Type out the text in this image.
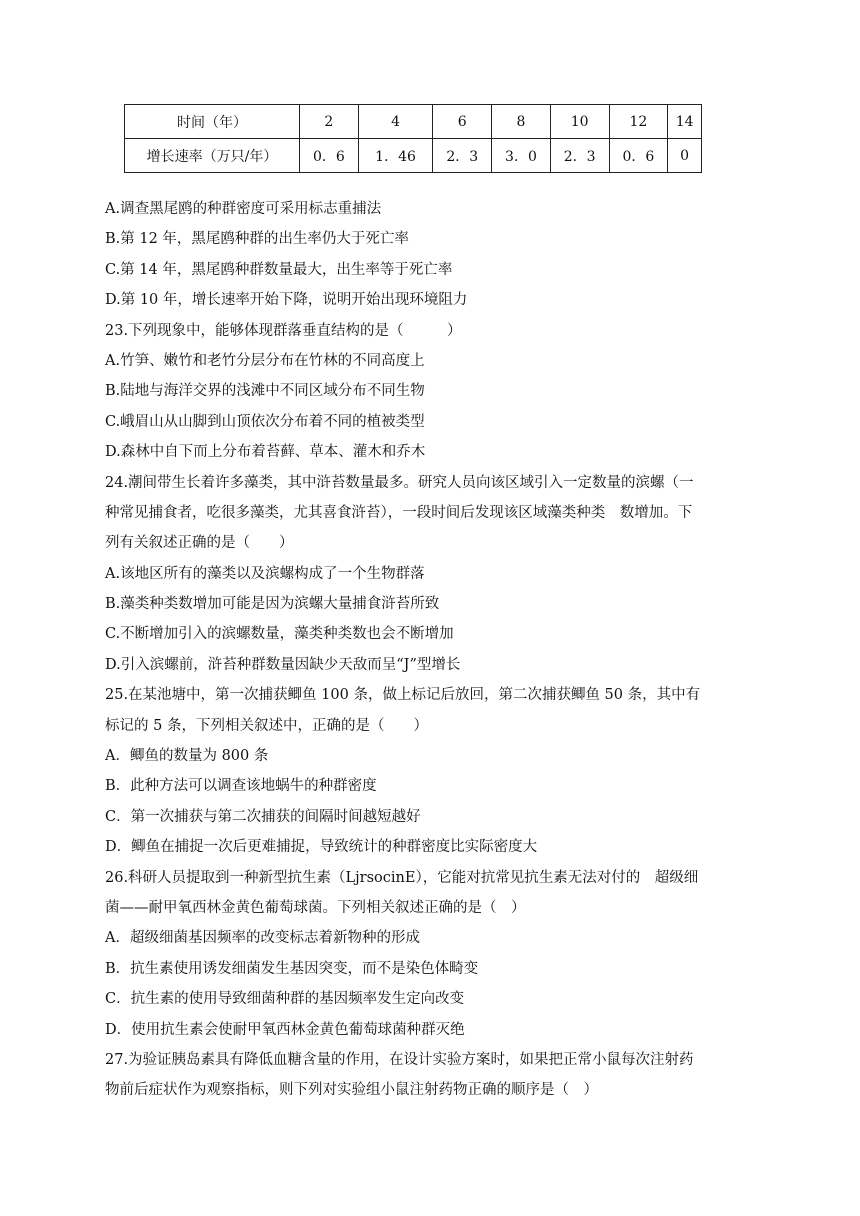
时间（年）	2	4	6	8	10	12	14
增长速率（万只/年）	0．6	1．46	2．3	3．0	2．3	0．6	0
A.调查黑尾鸥的种群密度可采用标志重捕法
B.第 12 年，黑尾鸥种群的出生率仍大于死亡率
C.第 14 年，黑尾鸥种群数量最大，出生率等于死亡率
D.第 10 年，增长速率开始下降，说明开始出现环境阻力
23.下列现象中，能够体现群落垂直结构的是（　　　）
A.竹笋、嫩竹和老竹分层分布在竹林的不同高度上
B.陆地与海洋交界的浅滩中不同区域分布不同生物
C.峨眉山从山脚到山顶依次分布着不同的植被类型
D.森林中自下而上分布着苔藓、草本、灌木和乔木
24.潮间带生长着许多藻类，其中浒苔数量最多。研究人员向该区域引入一定数量的滨螺（一
种常见捕食者，吃很多藻类，尤其喜食浒苔），一段时间后发现该区域藻类种类　数增加。下
列有关叙述正确的是（　　）
A.该地区所有的藻类以及滨螺构成了一个生物群落
B.藻类种类数增加可能是因为滨螺大量捕食浒苔所致
C.不断增加引入的滨螺数量，藻类种类数也会不断增加
D.引入滨螺前，浒苔种群数量因缺少天敌而呈“J”型增长
25.在某池塘中，第一次捕获鲫鱼 100 条，做上标记后放回，第二次捕获鲫鱼 50 条，其中有
标记的 5 条，下列相关叙述中，正确的是（　　）
A．鲫鱼的数量为 800 条
B．此种方法可以调查该地蜗牛的种群密度
C．第一次捕获与第二次捕获的间隔时间越短越好
D．鲫鱼在捕捉一次后更难捕捉，导致统计的种群密度比实际密度大
26.科研人员提取到一种新型抗生素（LjrsocinE），它能对抗常见抗生素无法对付的　超级细
菌——耐甲氧西林金黄色葡萄球菌。下列相关叙述正确的是（　）
A．超级细菌基因频率的改变标志着新物种的形成
B．抗生素使用诱发细菌发生基因突变，而不是染色体畸变
C．抗生素的使用导致细菌种群的基因频率发生定向改变
D．使用抗生素会使耐甲氧西林金黄色葡萄球菌种群灭绝
27.为验证胰岛素具有降低血糖含量的作用，在设计实验方案时，如果把正常小鼠每次注射药
物前后症状作为观察指标，则下列对实验组小鼠注射药物正确的顺序是（　）
